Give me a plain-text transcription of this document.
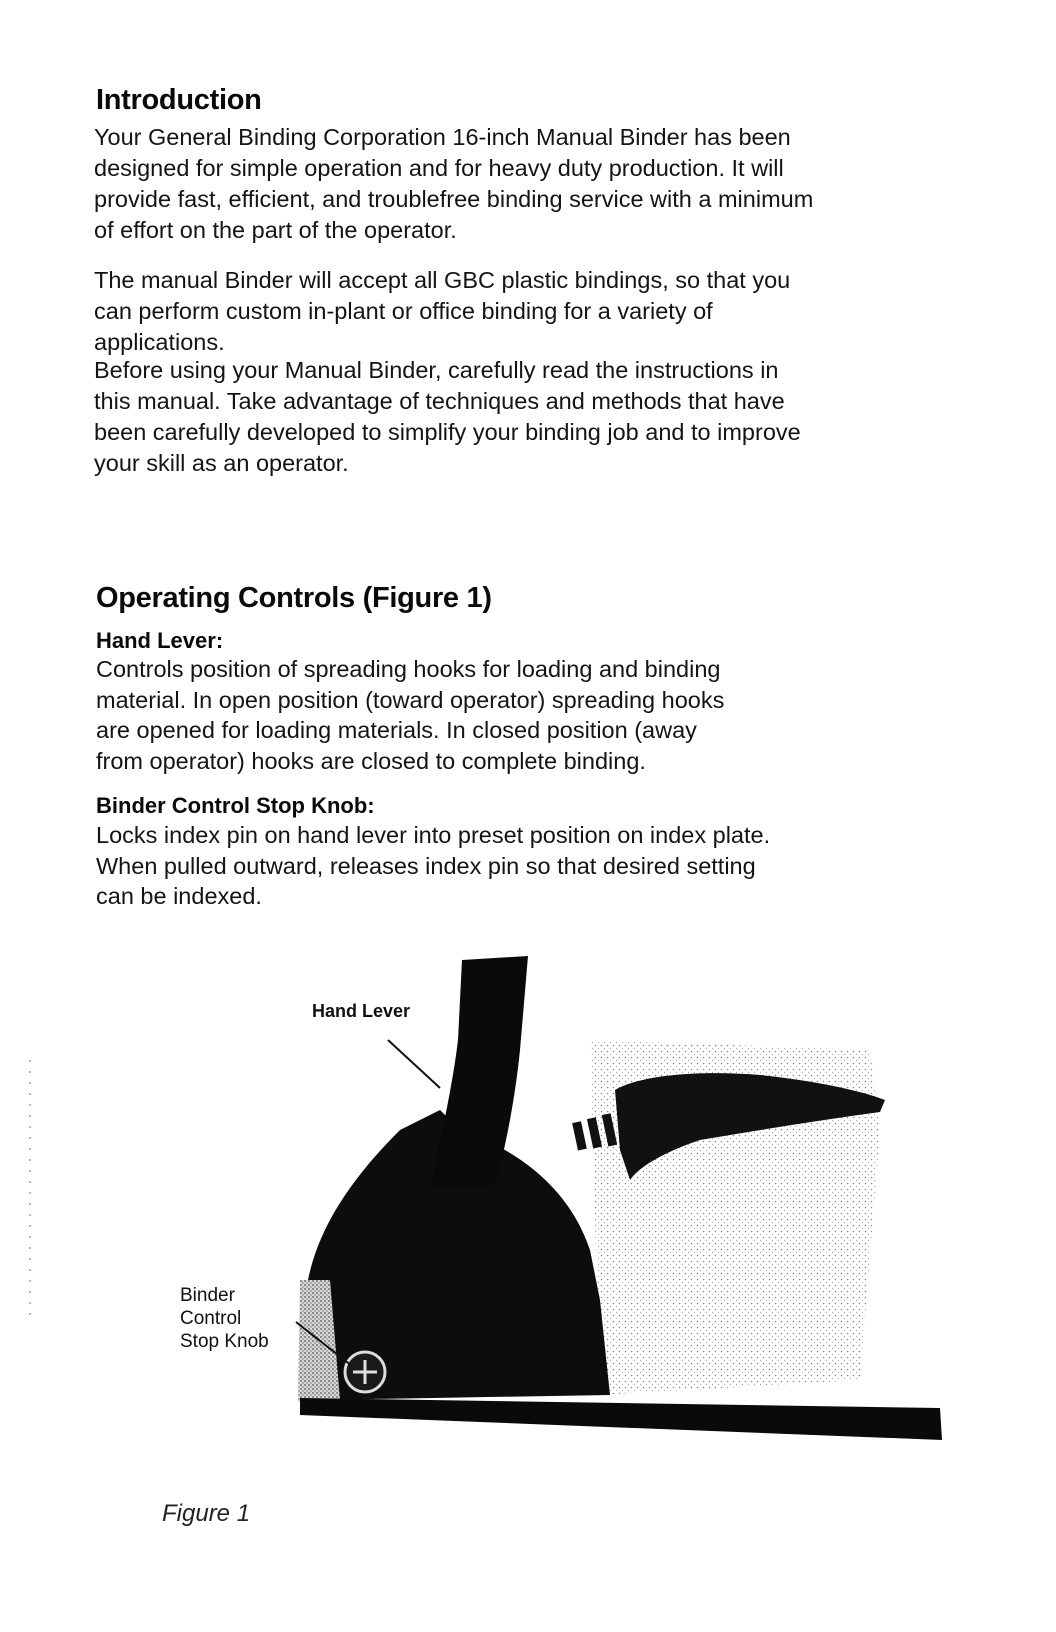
Introduction
Your General Binding Corporation 16-inch Manual Binder has been
designed for simple operation and for heavy duty production. It will
provide fast, efficient, and troublefree binding service with a minimum
of effort on the part of the operator.
The manual Binder will accept all GBC plastic bindings, so that you
can perform custom in-plant or office binding for a variety of
applications.
Before using your Manual Binder, carefully read the instructions in
this manual. Take advantage of techniques and methods that have
been carefully developed to simplify your binding job and to improve
your skill as an operator.
Operating Controls (Figure 1)
Hand Lever:
Controls position of spreading hooks for loading and binding
material. In open position (toward operator) spreading hooks
are opened for loading materials. In closed position (away
from operator) hooks are closed to complete binding.
Binder Control Stop Knob:
Locks index pin on hand lever into preset position on index plate.
When pulled outward, releases index pin so that desired setting
can be indexed.
Hand Lever
Binder
Control
Stop Knob
Figure 1
